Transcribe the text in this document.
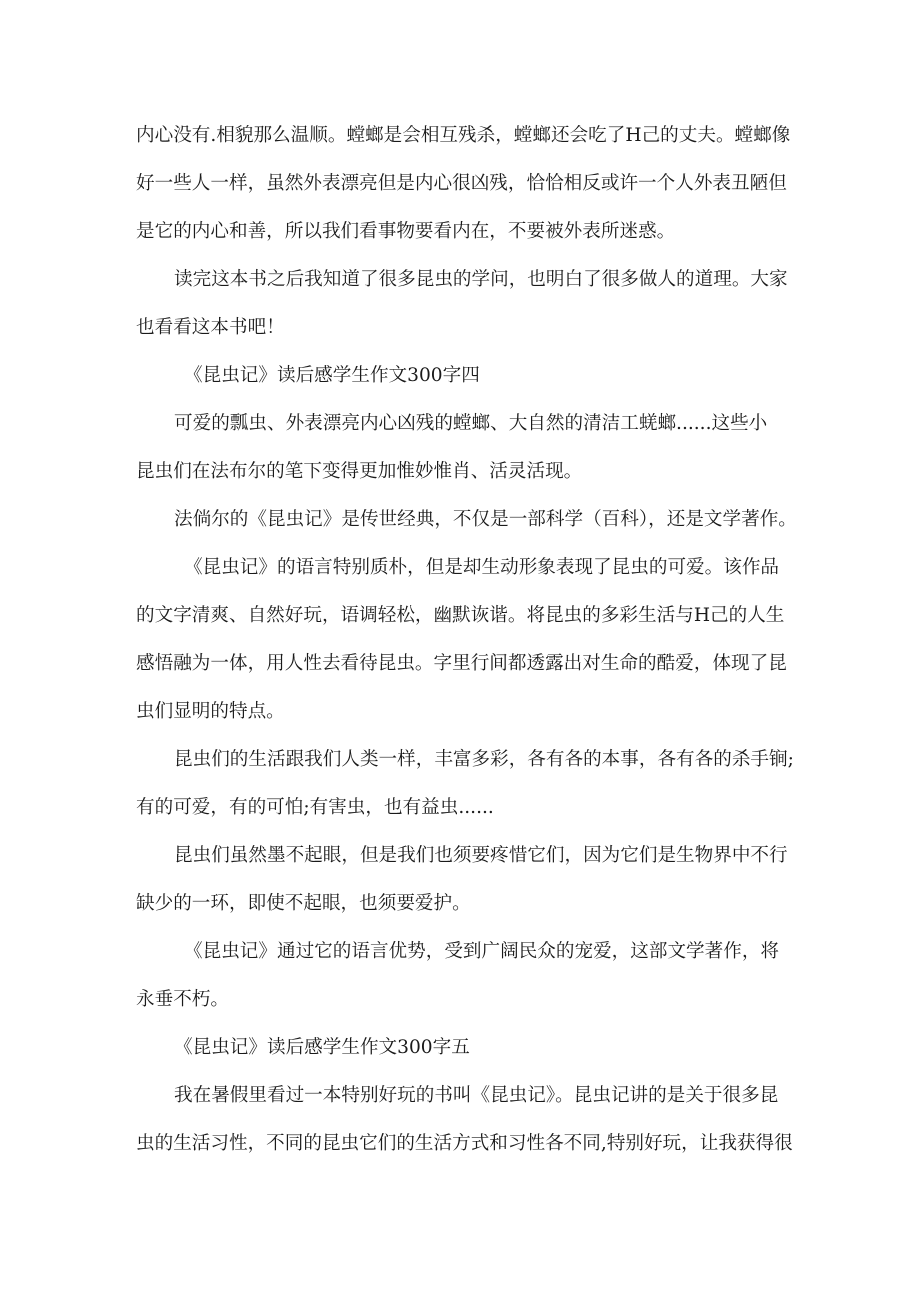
内心没有.相貌那么温顺。螳螂是会相互残杀，螳螂还会吃了H己的丈夫。螳螂像
好一些人一样，虽然外表漂亮但是内心很凶残，恰恰相反或许一个人外表丑陋但
是它的内心和善，所以我们看事物要看内在，不要被外表所迷惑。
读完这本书之后我知道了很多昆虫的学问，也明白了很多做人的道理。大家
也看看这本书吧！
《昆虫记》读后感学生作文300字四
可爱的瓢虫、外表漂亮内心凶残的螳螂、大自然的清洁工蜣螂......这些小
昆虫们在法布尔的笔下变得更加惟妙惟肖、活灵活现。
法倘尔的《昆虫记》是传世经典，不仅是一部科学（百科），还是文学著作。
《昆虫记》的语言特别质朴，但是却生动形象表现了昆虫的可爱。该作品
的文字清爽、自然好玩，语调轻松，幽默诙谐。将昆虫的多彩生活与H己的人生
感悟融为一体，用人性去看待昆虫。字里行间都透露出对生命的酷爱，体现了昆
虫们显明的特点。
昆虫们的生活跟我们人类一样，丰富多彩，各有各的本事，各有各的杀手锏;
有的可爱，有的可怕;有害虫，也有益虫......
昆虫们虽然墨不起眼，但是我们也须要疼惜它们，因为它们是生物界中不行
缺少的一环，即使不起眼，也须要爱护。
《昆虫记》通过它的语言优势，受到广阔民众的宠爱，这部文学著作，将
永垂不朽。
《昆虫记》读后感学生作文300字五
我在暑假里看过一本特别好玩的书叫《昆虫记》。昆虫记讲的是关于很多昆
虫的生活习性，不同的昆虫它们的生活方式和习性各不同,特别好玩，让我获得很
